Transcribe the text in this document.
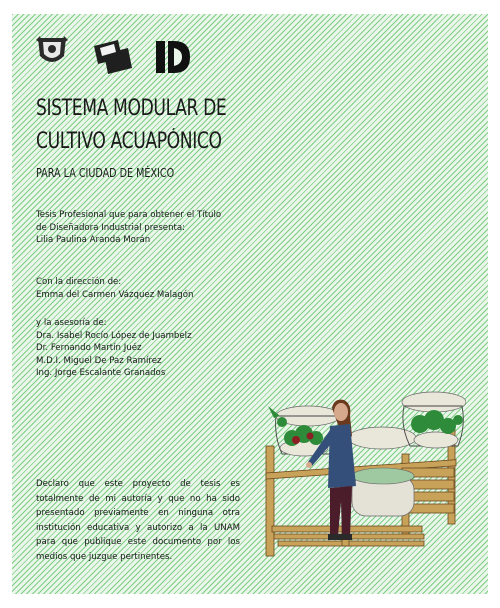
SISTEMA MODULAR DE
CULTIVO ACUAPÓNICO
PARA LA CIUDAD DE MÉXICO
Tesis Profesional que para obtener el Título
de Diseñadora Industrial presenta:
Lilia Paulina Aranda Morán
Con la dirección de:
Emma del Carmen Vázquez Malagón
y la asesoría de:
Dra. Isabel Rocío López de Juambelz
Dr. Fernando Martín Juéz
M.D.I. Miguel De Paz Ramírez
Ing. Jorge Escalante Granados
Declaro que este proyecto de tesis es totalmente de mi autoría y que no ha sido presentado previamente en ninguna otra institución educativa y autorizo a la UNAM para que publique este documento por los medios que juzgue pertinentes.
